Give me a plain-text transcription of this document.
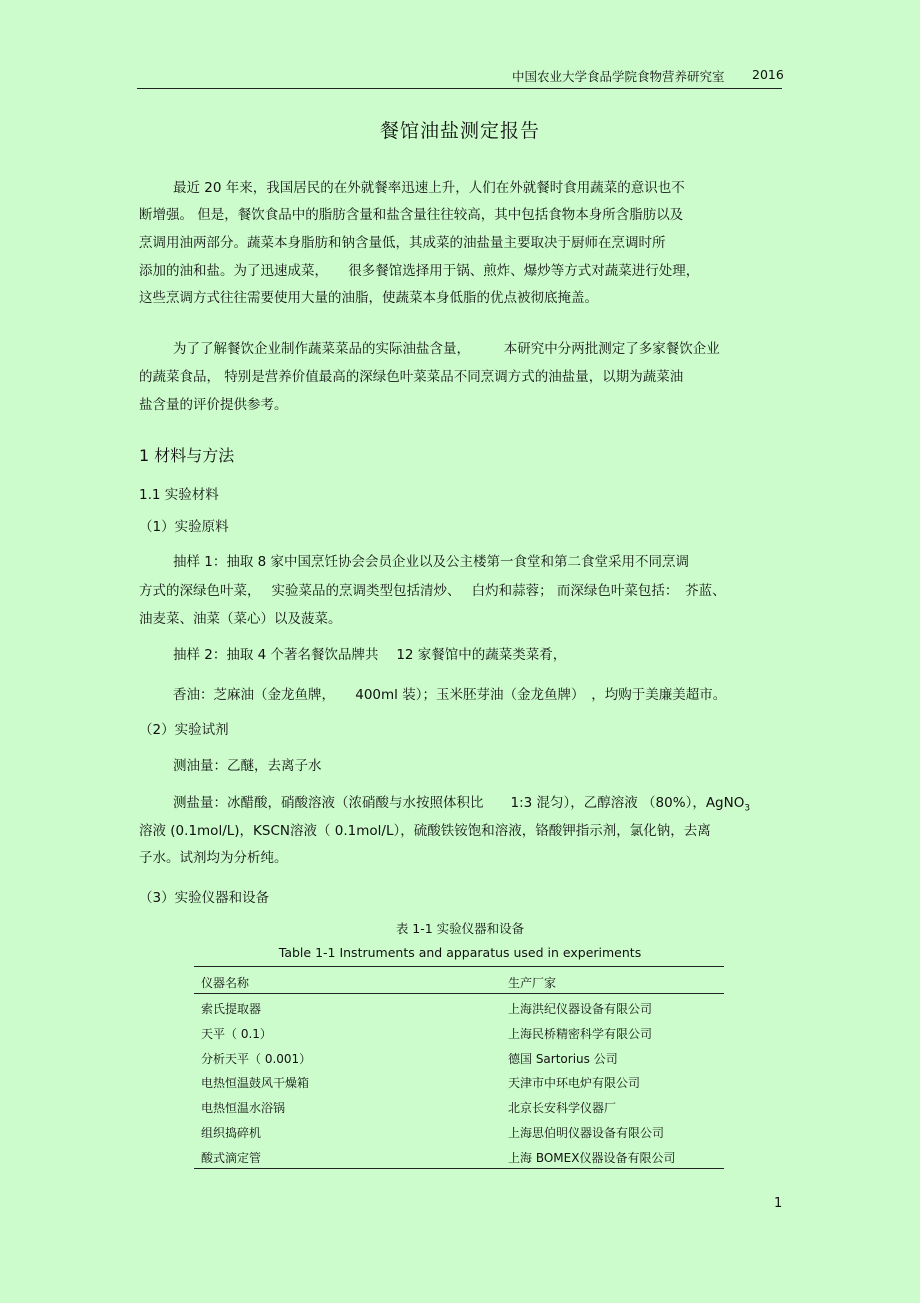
中国农业大学食品学院食物营养研究室 2016
餐馆油盐测定报告
最近 20 年来，我国居民的在外就餐率迅速上升，人们在外就餐时食用蔬菜的意识也不
断增强。 但是，餐饮食品中的脂肪含量和盐含量往往较高，其中包括食物本身所含脂肪以及
烹调用油两部分。蔬菜本身脂肪和钠含量低，其成菜的油盐量主要取决于厨师在烹调时所
添加的油和盐。为了迅速成菜，　　很多餐馆选择用于锅、煎炸、爆炒等方式对蔬菜进行处理，
这些烹调方式往往需要使用大量的油脂，使蔬菜本身低脂的优点被彻底掩盖。
为了了解餐饮企业制作蔬菜菜品的实际油盐含量，　　　本研究中分两批测定了多家餐饮企业
的蔬菜食品， 特别是营养价值最高的深绿色叶菜菜品不同烹调方式的油盐量，以期为蔬菜油
盐含量的评价提供参考。
1 材料与方法
1.1 实验材料
（1）实验原料
抽样 1：抽取 8 家中国烹饪协会会员企业以及公主楼第一食堂和第二食堂采用不同烹调
方式的深绿色叶菜，　 实验菜品的烹调类型包括清炒、　 白灼和蒜蓉； 而深绿色叶菜包括：　芥蓝、
油麦菜、油菜（菜心）以及菠菜。
抽样 2：抽取 4 个著名餐饮品牌共　 12 家餐馆中的蔬菜类菜肴，
香油：芝麻油（金龙鱼牌，　　400ml 装）；玉米胚芽油（金龙鱼牌）　，均购于美廉美超市。
（2）实验试剂
测油量：乙醚，去离子水
测盐量：冰醋酸，硝酸溶液（浓硝酸与水按照体积比　　1:3 混匀），乙醇溶液 （80%），AgNO$_3$
溶液 (0.1mol/L)，KSCN溶液（ 0.1mol/L），硫酸铁铵饱和溶液，铬酸钾指示剂，氯化钠，去离
子水。试剂均为分析纯。
（3）实验仪器和设备
表 1-1 实验仪器和设备
Table 1-1 Instruments and apparatus used in experiments
仪器名称	生产厂家
索氏提取器	上海洪纪仪器设备有限公司
天平（ 0.1）	上海民桥精密科学有限公司
分析天平（ 0.001）	德国 Sartorius 公司
电热恒温鼓风干燥箱	天津市中环电炉有限公司
电热恒温水浴锅	北京长安科学仪器厂
组织捣碎机	上海思伯明仪器设备有限公司
酸式滴定管	上海 BOMEX仪器设备有限公司
1
